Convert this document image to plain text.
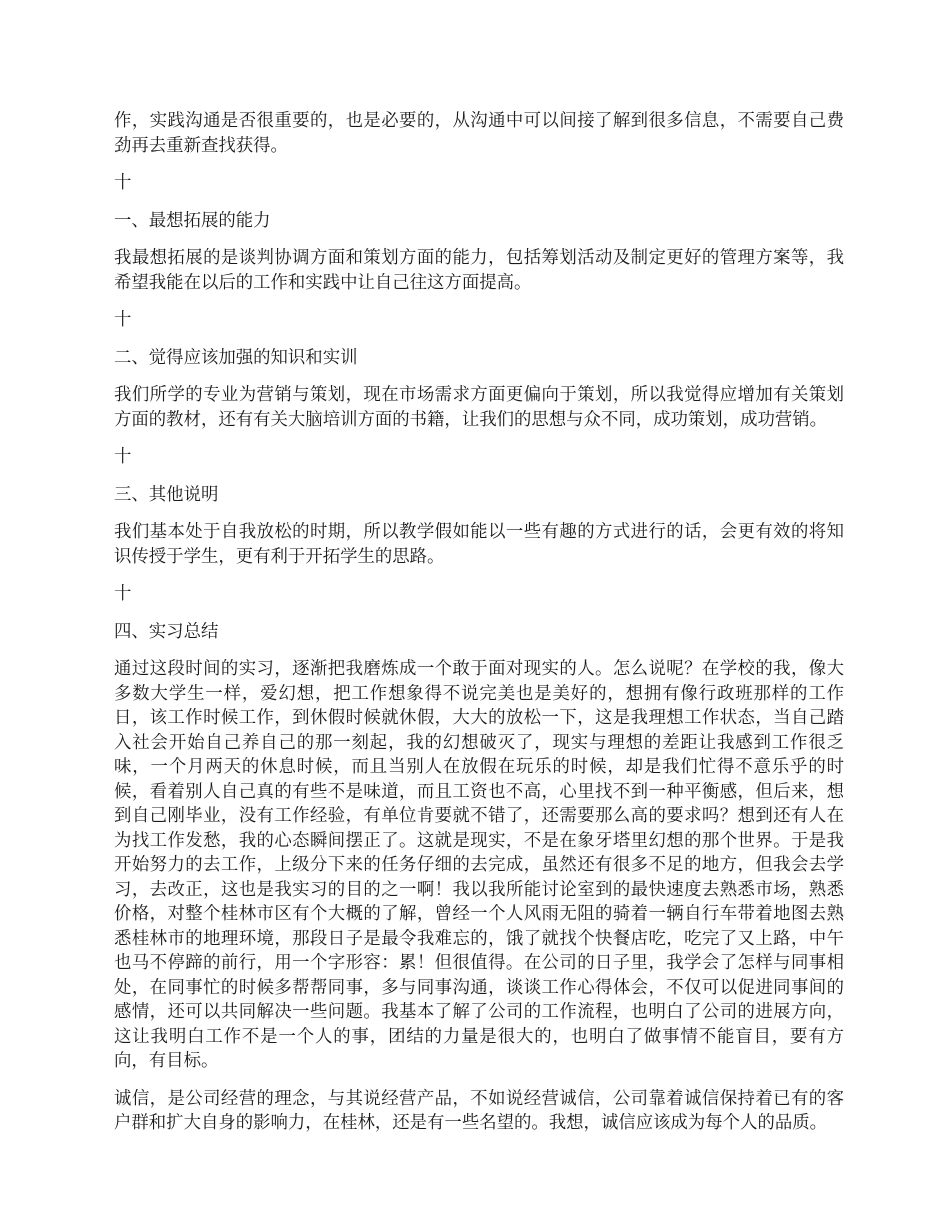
作，实践沟通是否很重要的，也是必要的，从沟通中可以间接了解到很多信息，不需要自己费劲再去重新查找获得。

十
一、最想拓展的能力

我最想拓展的是谈判协调方面和策划方面的能力，包括筹划活动及制定更好的管理方案等，我希望我能在以后的工作和实践中让自己往这方面提高。

十
二、觉得应该加强的知识和实训

我们所学的专业为营销与策划，现在市场需求方面更偏向于策划，所以我觉得应增加有关策划方面的教材，还有有关大脑培训方面的书籍，让我们的思想与众不同，成功策划，成功营销。

十
三、其他说明

我们基本处于自我放松的时期，所以教学假如能以一些有趣的方式进行的话，会更有效的将知识传授于学生，更有利于开拓学生的思路。

十
四、实习总结

通过这段时间的实习，逐渐把我磨炼成一个敢于面对现实的人。怎么说呢？在学校的我，像大多数大学生一样，爱幻想，把工作想象得不说完美也是美好的，想拥有像行政班那样的工作日，该工作时候工作，到休假时候就休假，大大的放松一下，这是我理想工作状态，当自己踏入社会开始自己养自己的那一刻起，我的幻想破灭了，现实与理想的差距让我感到工作很乏味，一个月两天的休息时候，而且当别人在放假在玩乐的时候，却是我们忙得不意乐乎的时候，看着别人自己真的有些不是味道，而且工资也不高，心里找不到一种平衡感，但后来，想到自己刚毕业，没有工作经验，有单位肯要就不错了，还需要那么高的要求吗？想到还有人在为找工作发愁，我的心态瞬间摆正了。这就是现实，不是在象牙塔里幻想的那个世界。于是我开始努力的去工作，上级分下来的任务仔细的去完成，虽然还有很多不足的地方，但我会去学习，去改正，这也是我实习的目的之一啊！我以我所能讨论室到的最快速度去熟悉市场，熟悉价格，对整个桂林市区有个大概的了解，曾经一个人风雨无阻的骑着一辆自行车带着地图去熟悉桂林市的地理环境，那段日子是最令我难忘的，饿了就找个快餐店吃，吃完了又上路，中午也马不停蹄的前行，用一个字形容：累！但很值得。在公司的日子里，我学会了怎样与同事相处，在同事忙的时候多帮帮同事，多与同事沟通，谈谈工作心得体会，不仅可以促进同事间的感情，还可以共同解决一些问题。我基本了解了公司的工作流程，也明白了公司的进展方向，这让我明白工作不是一个人的事，团结的力量是很大的，也明白了做事情不能盲目，要有方向，有目标。

诚信，是公司经营的理念，与其说经营产品，不如说经营诚信，公司靠着诚信保持着已有的客户群和扩大自身的影响力，在桂林，还是有一些名望的。我想，诚信应该成为每个人的品质。
